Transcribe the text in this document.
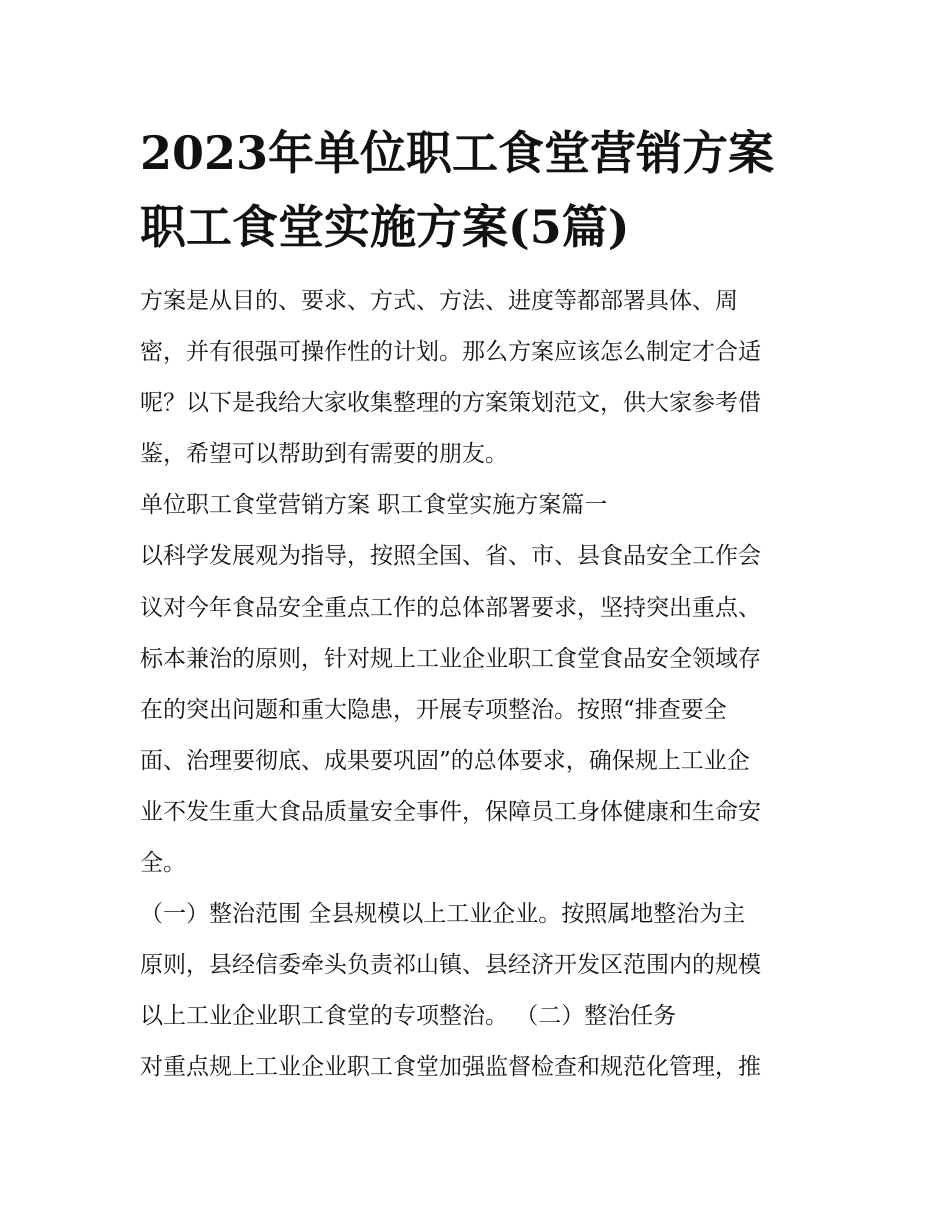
2023年单位职工食堂营销方案
职工食堂实施方案(5篇)
方案是从目的、要求、方式、方法、进度等都部署具体、周
密，并有很强可操作性的计划。那么方案应该怎么制定才合适
呢？以下是我给大家收集整理的方案策划范文，供大家参考借
鉴，希望可以帮助到有需要的朋友。
单位职工食堂营销方案 职工食堂实施方案篇一
以科学发展观为指导，按照全国、省、市、县食品安全工作会
议对今年食品安全重点工作的总体部署要求，坚持突出重点、
标本兼治的原则，针对规上工业企业职工食堂食品安全领域存
在的突出问题和重大隐患，开展专项整治。按照“排查要全
面、治理要彻底、成果要巩固”的总体要求，确保规上工业企
业不发生重大食品质量安全事件，保障员工身体健康和生命安
全。
（一）整治范围 全县规模以上工业企业。按照属地整治为主
原则，县经信委牵头负责祁山镇、县经济开发区范围内的规模
以上工业企业职工食堂的专项整治。 （二）整治任务
对重点规上工业企业职工食堂加强监督检查和规范化管理，推
